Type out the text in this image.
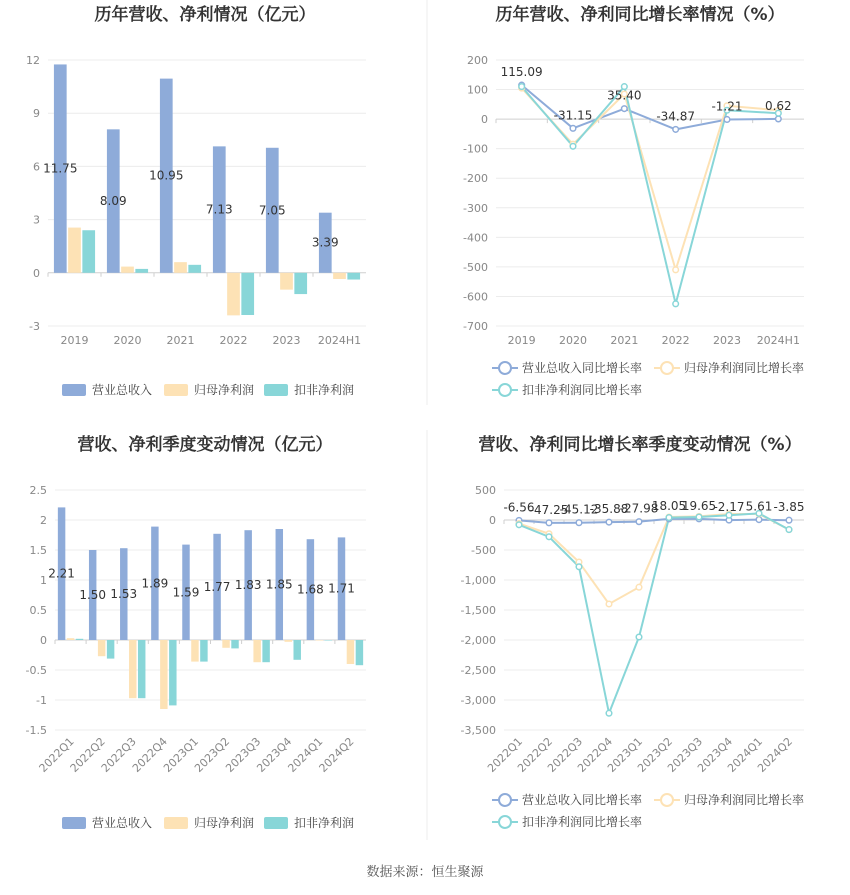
历年营收、净利情况（亿元）
-3
0
3
6
9
12
2019 2020 2021 2022 2023 2024H1
11.75
8.09
10.95
7.13 7.05
3.39
营业总收入	归母净利润	扣非净利润
历年营收、净利同比增长率情况（%）
-700
-600
-500
-400
-300
-200
-100
0
100
200
2019 2020 2021 2022 2023 2024H1
115.09
-31.15
35.40
-34.87
-1.21 0.62
营业总收入同比增长率	归母净利润同比增长率
扣非净利润同比增长率
营收、净利季度变动情况（亿元）
-1.5
-1
-0.5
0
0.5
1
1.5
2
2.5
2022Q1
2022Q2
2022Q3
2022Q4
2023Q1
2023Q2
2023Q3
2023Q4
2024Q1
2024Q2
2.21
1.50 1.53
1.89
1.59 1.77 1.83 1.85 1.68 1.71
营业总收入	归母净利润	扣非净利润
营收、净利同比增长率季度变动情况（%）
-3,500
-3,000
-2,500
-2,000
-1,500
-1,000
-500
0
500
2022Q1
2022Q2
2022Q3
2022Q4
2023Q1
2023Q2
2023Q3
2023Q4
2024Q1
2024Q2
-6.56
-47.25
-45.12
-35.88
-27.98
18.05
19.65
-2.17 5.61 -3.85
营业总收入同比增长率	归母净利润同比增长率
扣非净利润同比增长率
数据来源：恒生聚源
